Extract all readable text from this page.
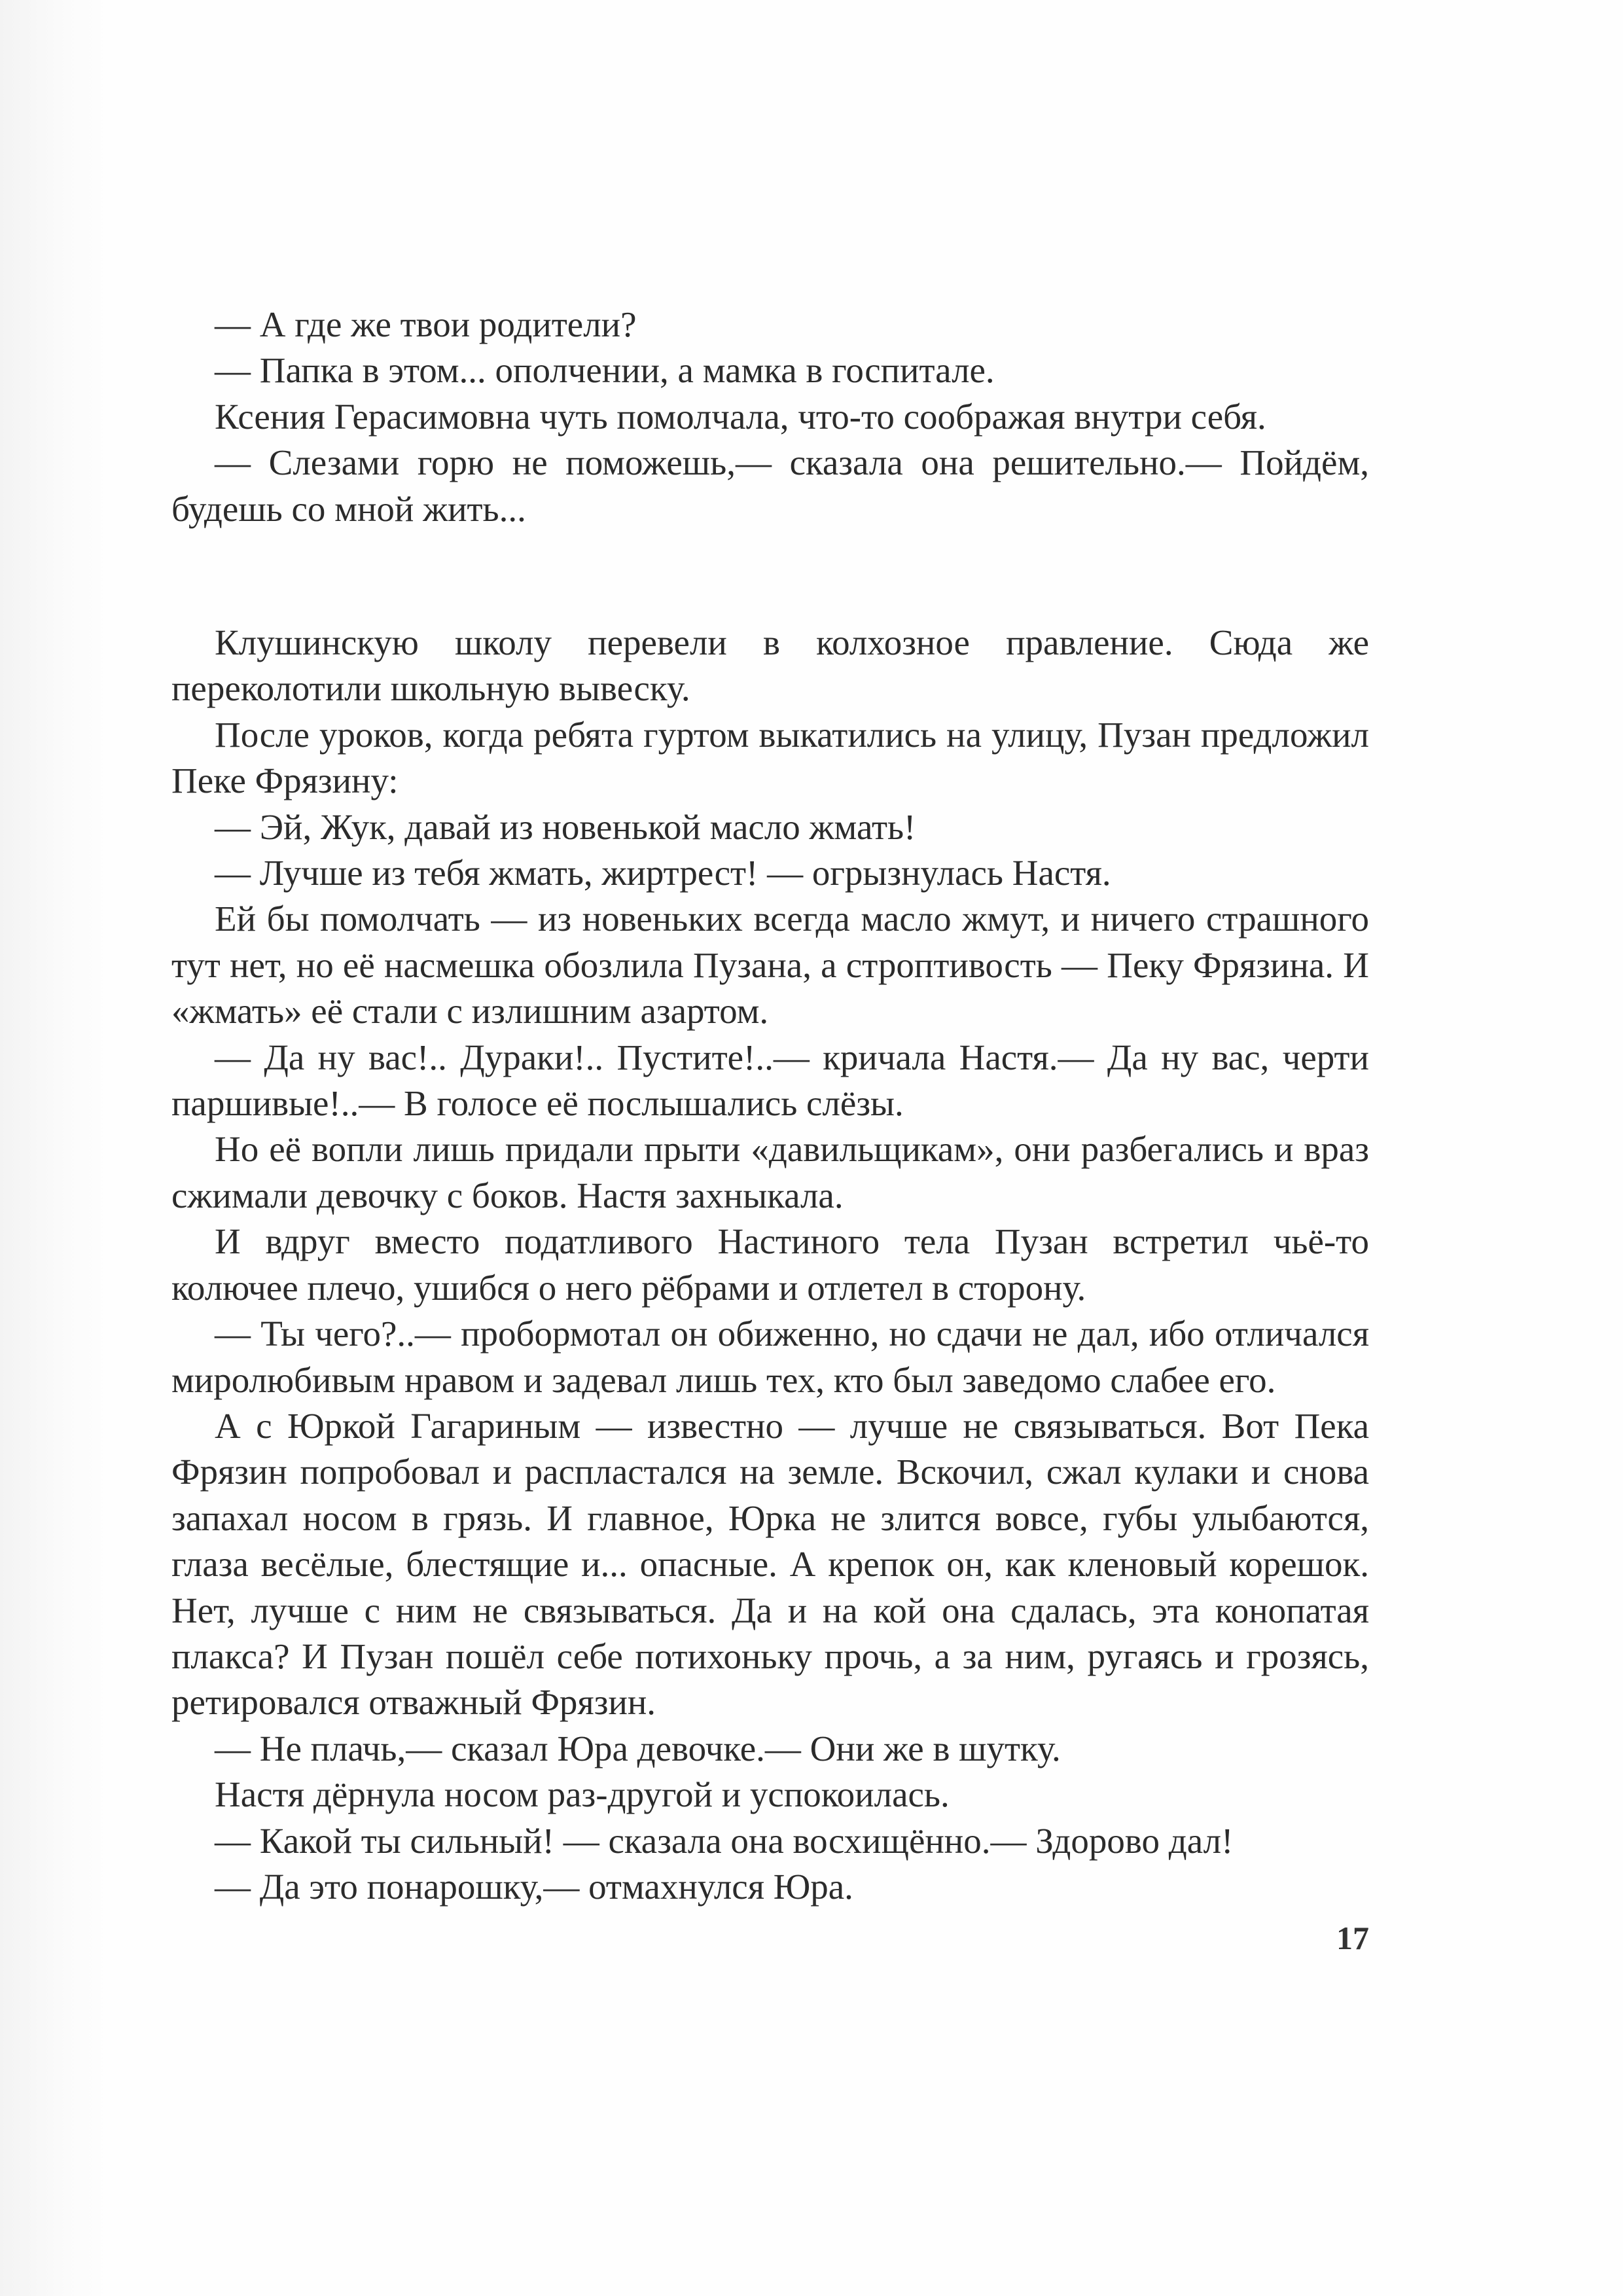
— А где же твои родители?

— Папка в этом... ополчении, а мамка в госпитале.

Ксения Герасимовна чуть помолчала, что-то соображая внутри себя.

— Слезами горю не поможешь,— сказала она решительно.— Пойдём, будешь со мной жить...

Клушинскую школу перевели в колхозное правление. Сюда же переколотили школьную вывеску.

После уроков, когда ребята гуртом выкатились на улицу, Пузан предложил Пеке Фрязину:

— Эй, Жук, давай из новенькой масло жмать!

— Лучше из тебя жмать, жиртрест! — огрызнулась Настя.

Ей бы помолчать — из новеньких всегда масло жмут, и ничего страшного тут нет, но её насмешка обозлила Пузана, а строптивость — Пеку Фрязина. И «жмать» её стали с излишним азартом.

— Да ну вас!.. Дураки!.. Пустите!..— кричала Настя.— Да ну вас, черти паршивые!..— В голосе её послышались слёзы.

Но её вопли лишь придали прыти «давильщикам», они разбегались и враз сжимали девочку с боков. Настя захныкала.

И вдруг вместо податливого Настиного тела Пузан встретил чьё-то колючее плечо, ушибся о него рёбрами и отлетел в сторону.

— Ты чего?..— пробормотал он обиженно, но сдачи не дал, ибо отличался миролюбивым нравом и задевал лишь тех, кто был заведомо слабее его.

А с Юркой Гагариным — известно — лучше не связываться. Вот Пека Фрязин попробовал и распластался на земле. Вскочил, сжал кулаки и снова запахал носом в грязь. И главное, Юрка не злится вовсе, губы улыбаются, глаза весёлые, блестящие и... опасные. А крепок он, как кленовый корешок. Нет, лучше с ним не связываться. Да и на кой она сдалась, эта конопатая плакса? И Пузан пошёл себе потихоньку прочь, а за ним, ругаясь и грозясь, ретировался отважный Фрязин.

— Не плачь,— сказал Юра девочке.— Они же в шутку.

Настя дёрнула носом раз-другой и успокоилась.

— Какой ты сильный! — сказала она восхищённо.— Здорово дал!

— Да это понарошку,— отмахнулся Юра.

17
